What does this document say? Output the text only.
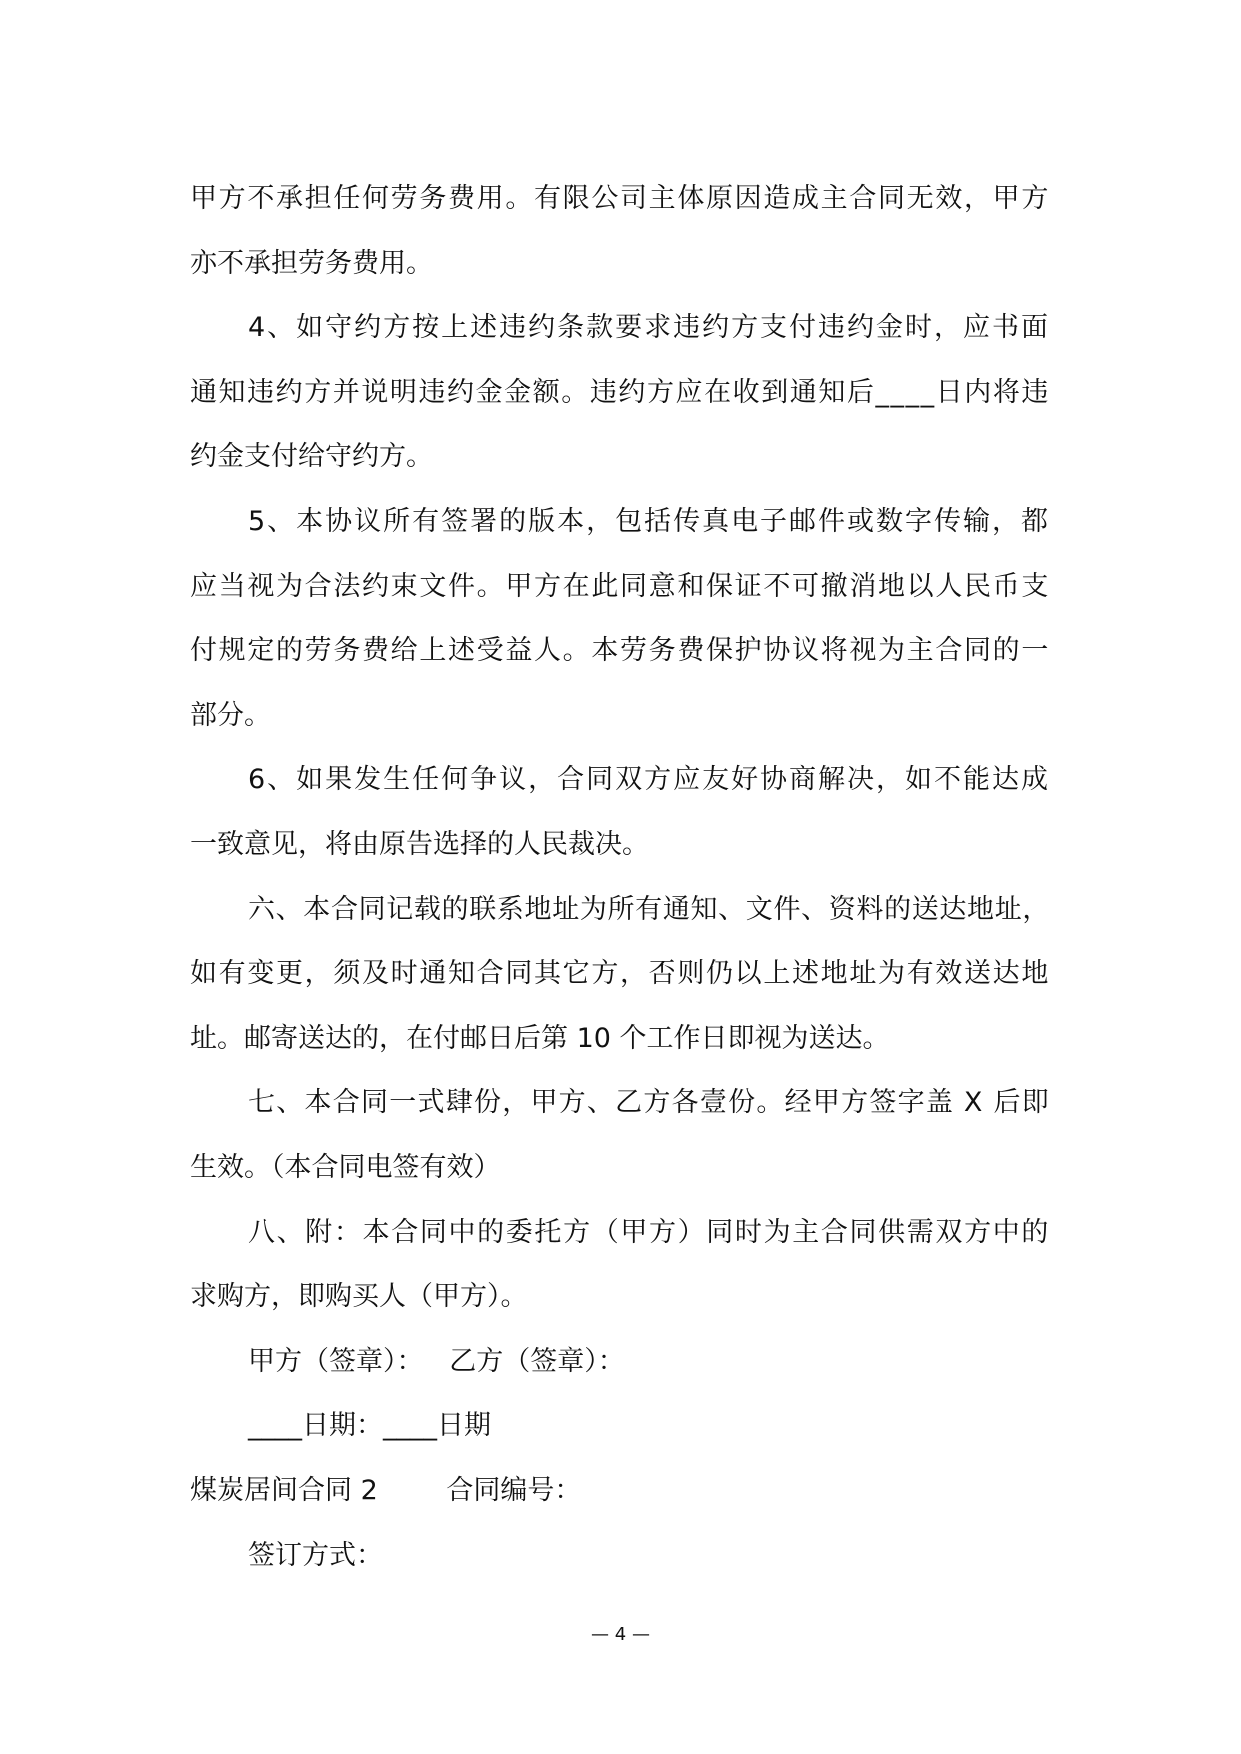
甲方不承担任何劳务费用。有限公司主体原因造成主合同无效，甲方
亦不承担劳务费用。
4、如守约方按上述违约条款要求违约方支付违约金时，应书面
通知违约方并说明违约金金额。违约方应在收到通知后____日内将违
约金支付给守约方。
5、本协议所有签署的版本，包括传真电子邮件或数字传输，都
应当视为合法约束文件。甲方在此同意和保证不可撤消地以人民币支
付规定的劳务费给上述受益人。本劳务费保护协议将视为主合同的一
部分。
6、如果发生任何争议，合同双方应友好协商解决，如不能达成
一致意见，将由原告选择的人民裁决。
六、本合同记载的联系地址为所有通知、文件、资料的送达地址，
如有变更，须及时通知合同其它方，否则仍以上述地址为有效送达地
址。邮寄送达的，在付邮日后第 10 个工作日即视为送达。
七、本合同一式肆份，甲方、乙方各壹份。经甲方签字盖 X 后即
生效。（本合同电签有效）
八、附：本合同中的委托方（甲方）同时为主合同供需双方中的
求购方，即购买人（甲方）。
甲方（签章）：   乙方（签章）：
____日期：____日期
煤炭居间合同 2        合同编号：
签订方式：
— 4 —
